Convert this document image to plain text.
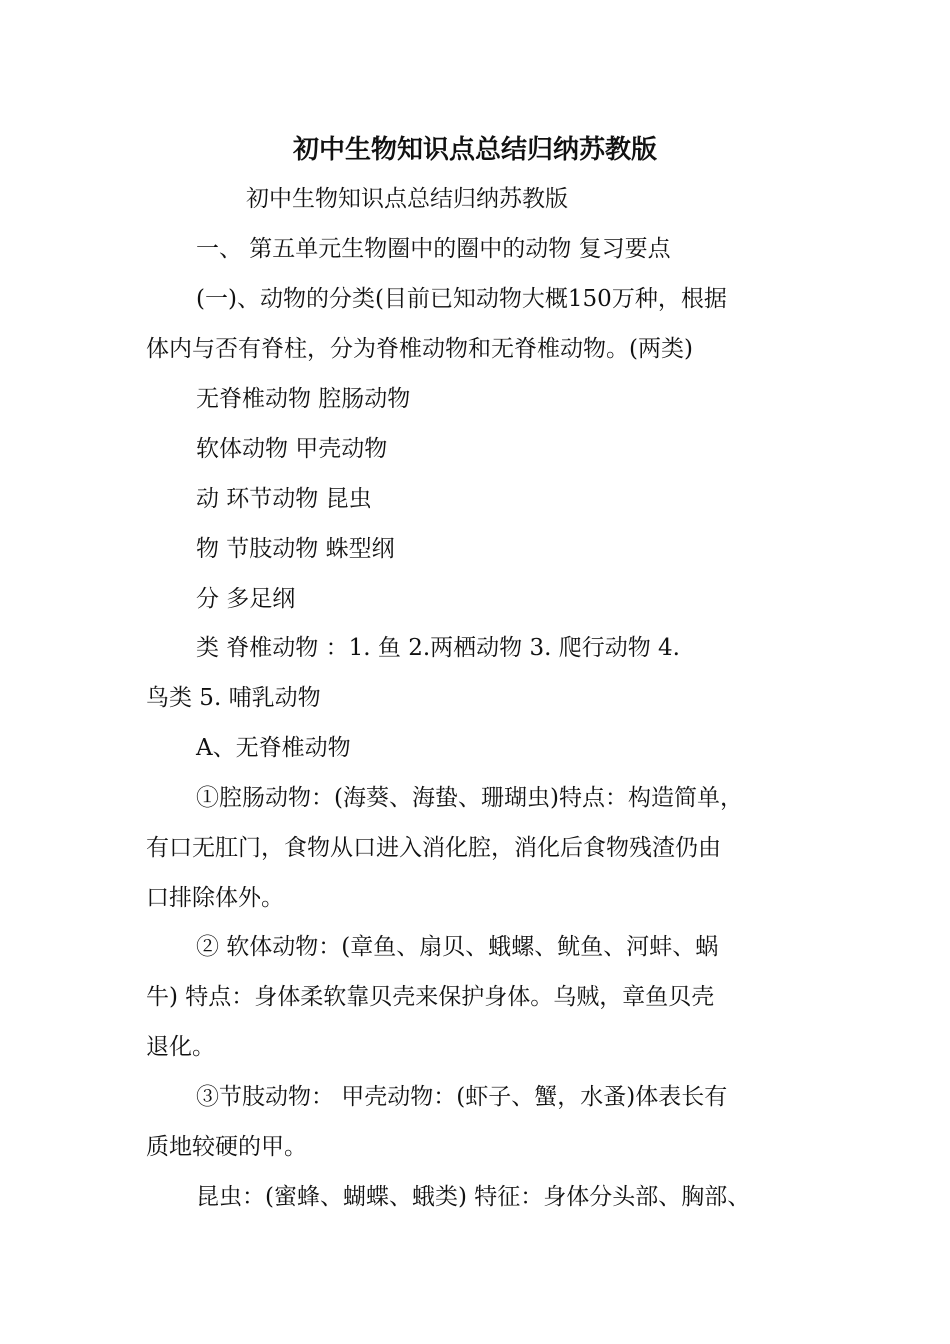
初中生物知识点总结归纳苏教版
初中生物知识点总结归纳苏教版
一、 第五单元生物圈中的圈中的动物 复习要点
(一)、动物的分类(目前已知动物大概150万种，根据
体内与否有脊柱，分为脊椎动物和无脊椎动物。(两类)
无脊椎动物 腔肠动物
软体动物 甲壳动物
动 环节动物 昆虫
物 节肢动物 蛛型纲
分 多足纲
类 脊椎动物 ：1. 鱼 2.两栖动物 3. 爬行动物 4.
鸟类 5. 哺乳动物
A、无脊椎动物
①腔肠动物：(海葵、海蛰、珊瑚虫)特点：构造简单，
有口无肛门，食物从口进入消化腔，消化后食物残渣仍由
口排除体外。
② 软体动物：(章鱼、扇贝、蛾螺、鱿鱼、河蚌、蜗
牛) 特点：身体柔软靠贝壳来保护身体。乌贼，章鱼贝壳
退化。
③节肢动物： 甲壳动物：(虾子、蟹，水蚤)体表长有
质地较硬的甲。
昆虫：(蜜蜂、蝴蝶、蛾类) 特征：身体分头部、胸部、
